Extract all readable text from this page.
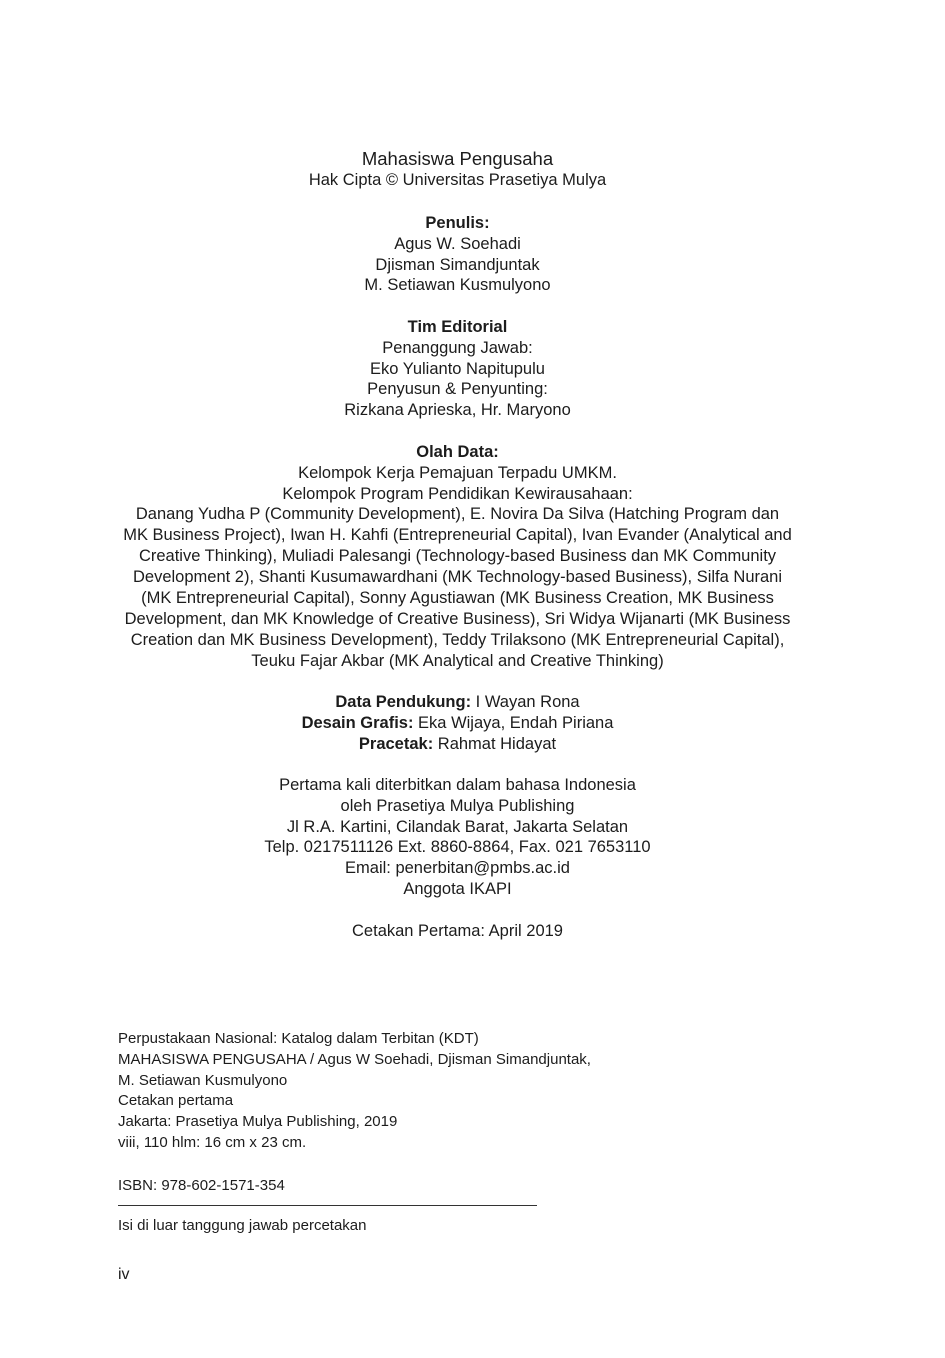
Mahasiswa Pengusaha
Hak Cipta © Universitas Prasetiya Mulya
Penulis:
Agus W. Soehadi
Djisman Simandjuntak
M. Setiawan Kusmulyono
Tim Editorial
Penanggung Jawab:
Eko Yulianto Napitupulu
Penyusun & Penyunting:
Rizkana Aprieska, Hr. Maryono
Olah Data:
Kelompok Kerja Pemajuan Terpadu UMKM.
Kelompok Program Pendidikan Kewirausahaan:
Danang Yudha P (Community Development), E. Novira Da Silva (Hatching Program dan
MK Business Project), Iwan H. Kahfi (Entrepreneurial Capital), Ivan Evander (Analytical and
Creative Thinking), Muliadi Palesangi (Technology-based Business dan MK Community
Development 2), Shanti Kusumawardhani (MK Technology-based Business), Silfa Nurani
(MK Entrepreneurial Capital), Sonny Agustiawan (MK Business Creation, MK Business
Development, dan MK Knowledge of Creative Business), Sri Widya Wijanarti (MK Business
Creation dan MK Business Development), Teddy Trilaksono (MK Entrepreneurial Capital),
Teuku Fajar Akbar (MK Analytical and Creative Thinking)
Data Pendukung: I Wayan Rona
Desain Grafis: Eka Wijaya, Endah Piriana
Pracetak: Rahmat Hidayat
Pertama kali diterbitkan dalam bahasa Indonesia
oleh Prasetiya Mulya Publishing
Jl R.A. Kartini, Cilandak Barat, Jakarta Selatan
Telp. 0217511126 Ext. 8860-8864, Fax. 021 7653110
Email: penerbitan@pmbs.ac.id
Anggota IKAPI
Cetakan Pertama: April 2019
Perpustakaan Nasional: Katalog dalam Terbitan (KDT)
MAHASISWA PENGUSAHA / Agus W Soehadi, Djisman Simandjuntak,
M. Setiawan Kusmulyono
Cetakan pertama
Jakarta: Prasetiya Mulya Publishing, 2019
viii, 110 hlm: 16 cm x 23 cm.
ISBN: 978-602-1571-354
Isi di luar tanggung jawab percetakan
iv
